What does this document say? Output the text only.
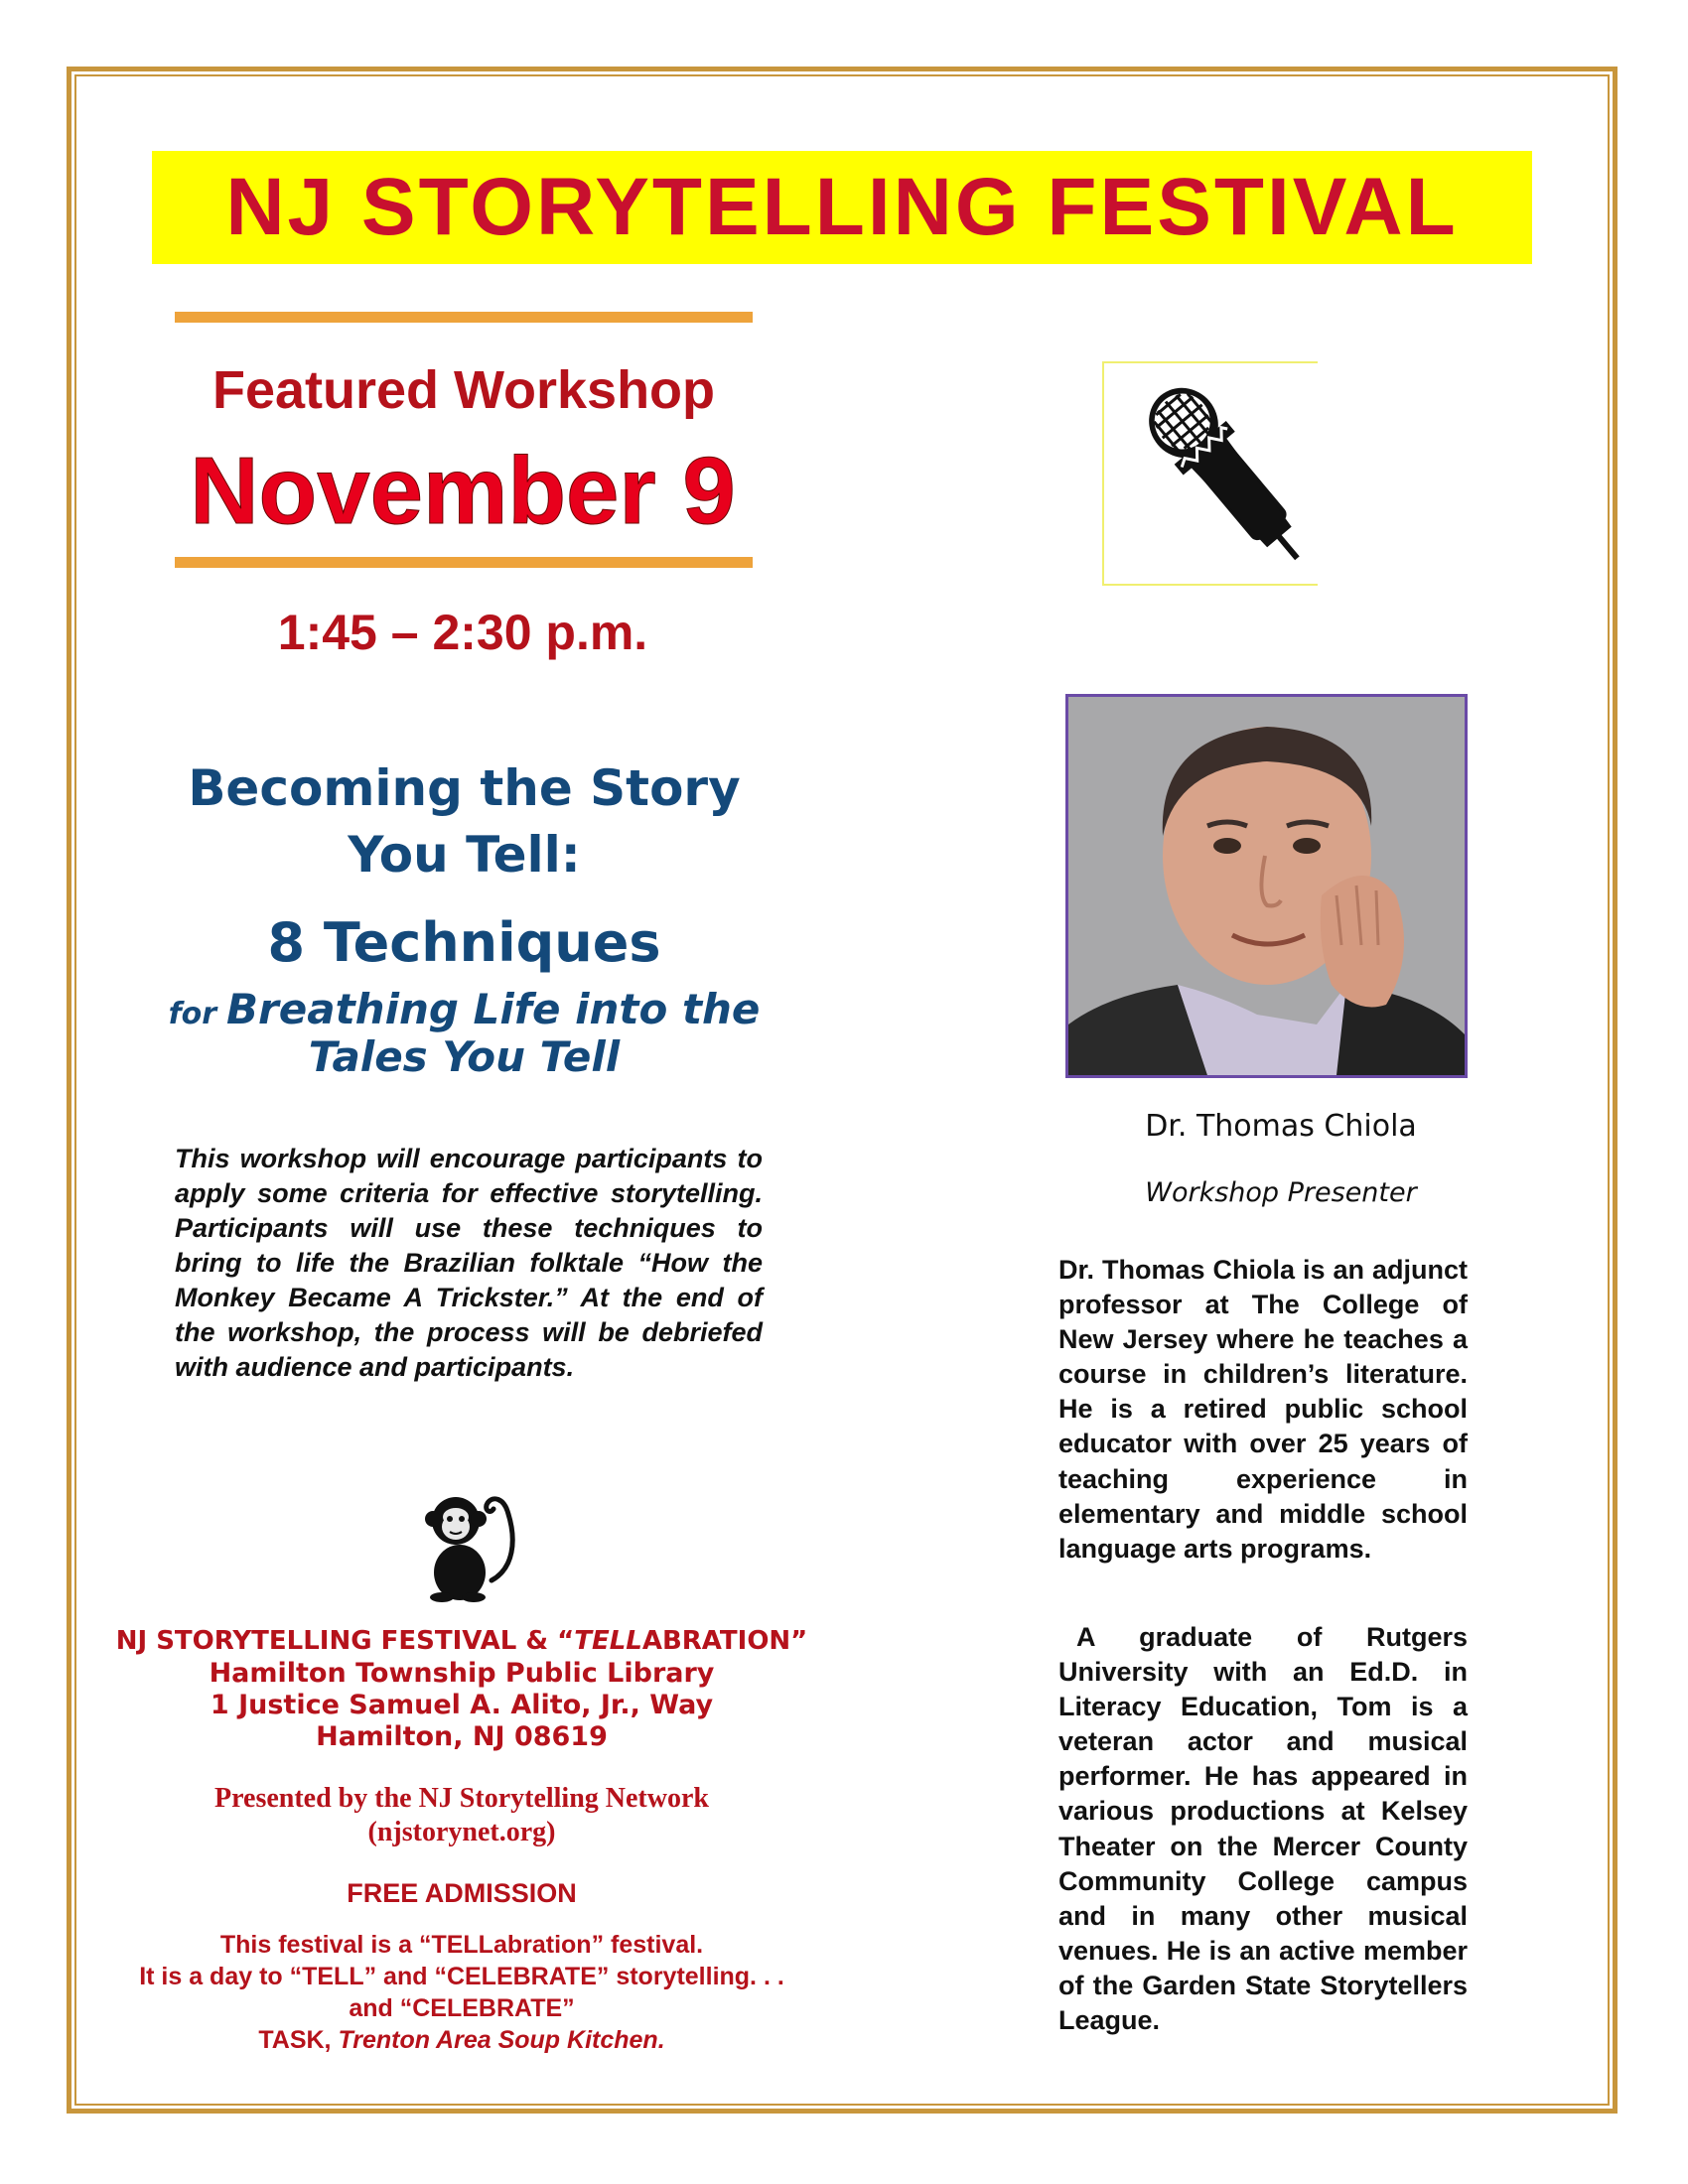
NJ STORYTELLING FESTIVAL
Featured Workshop
November 9
1:45 – 2:30 p.m.
Becoming the Story
You Tell:
8 Techniques
for Breathing Life into the
Tales You Tell
This workshop will encourage participants to apply some criteria for effective storytelling. Participants will use these techniques to bring to life the Brazilian folktale “How the Monkey Became A Trickster.” At the end of the workshop, the process will be debriefed with audience and participants.
NJ STORYTELLING FESTIVAL & “TELLABRATION”
Hamilton Township Public Library
1 Justice Samuel A. Alito, Jr., Way
Hamilton, NJ 08619
Presented by the NJ Storytelling Network
(njstorynet.org)
FREE ADMISSION
This festival is a “TELLabration” festival.
It is a day to “TELL” and “CELEBRATE” storytelling. . .
and “CELEBRATE”
TASK, Trenton Area Soup Kitchen.
Dr. Thomas Chiola
Workshop Presenter
Dr. Thomas Chiola is an adjunct professor at The College of New Jersey where he teaches a course in children’s literature. He is a retired public school educator with over 25 years of teaching experience in elementary and middle school language arts programs.
A graduate of Rutgers University with an Ed.D. in Literacy Education, Tom is a veteran actor and musical performer. He has appeared in various productions at Kelsey Theater on the Mercer County Community College campus and in many other musical venues. He is an active member of the Garden State Storytellers League.
